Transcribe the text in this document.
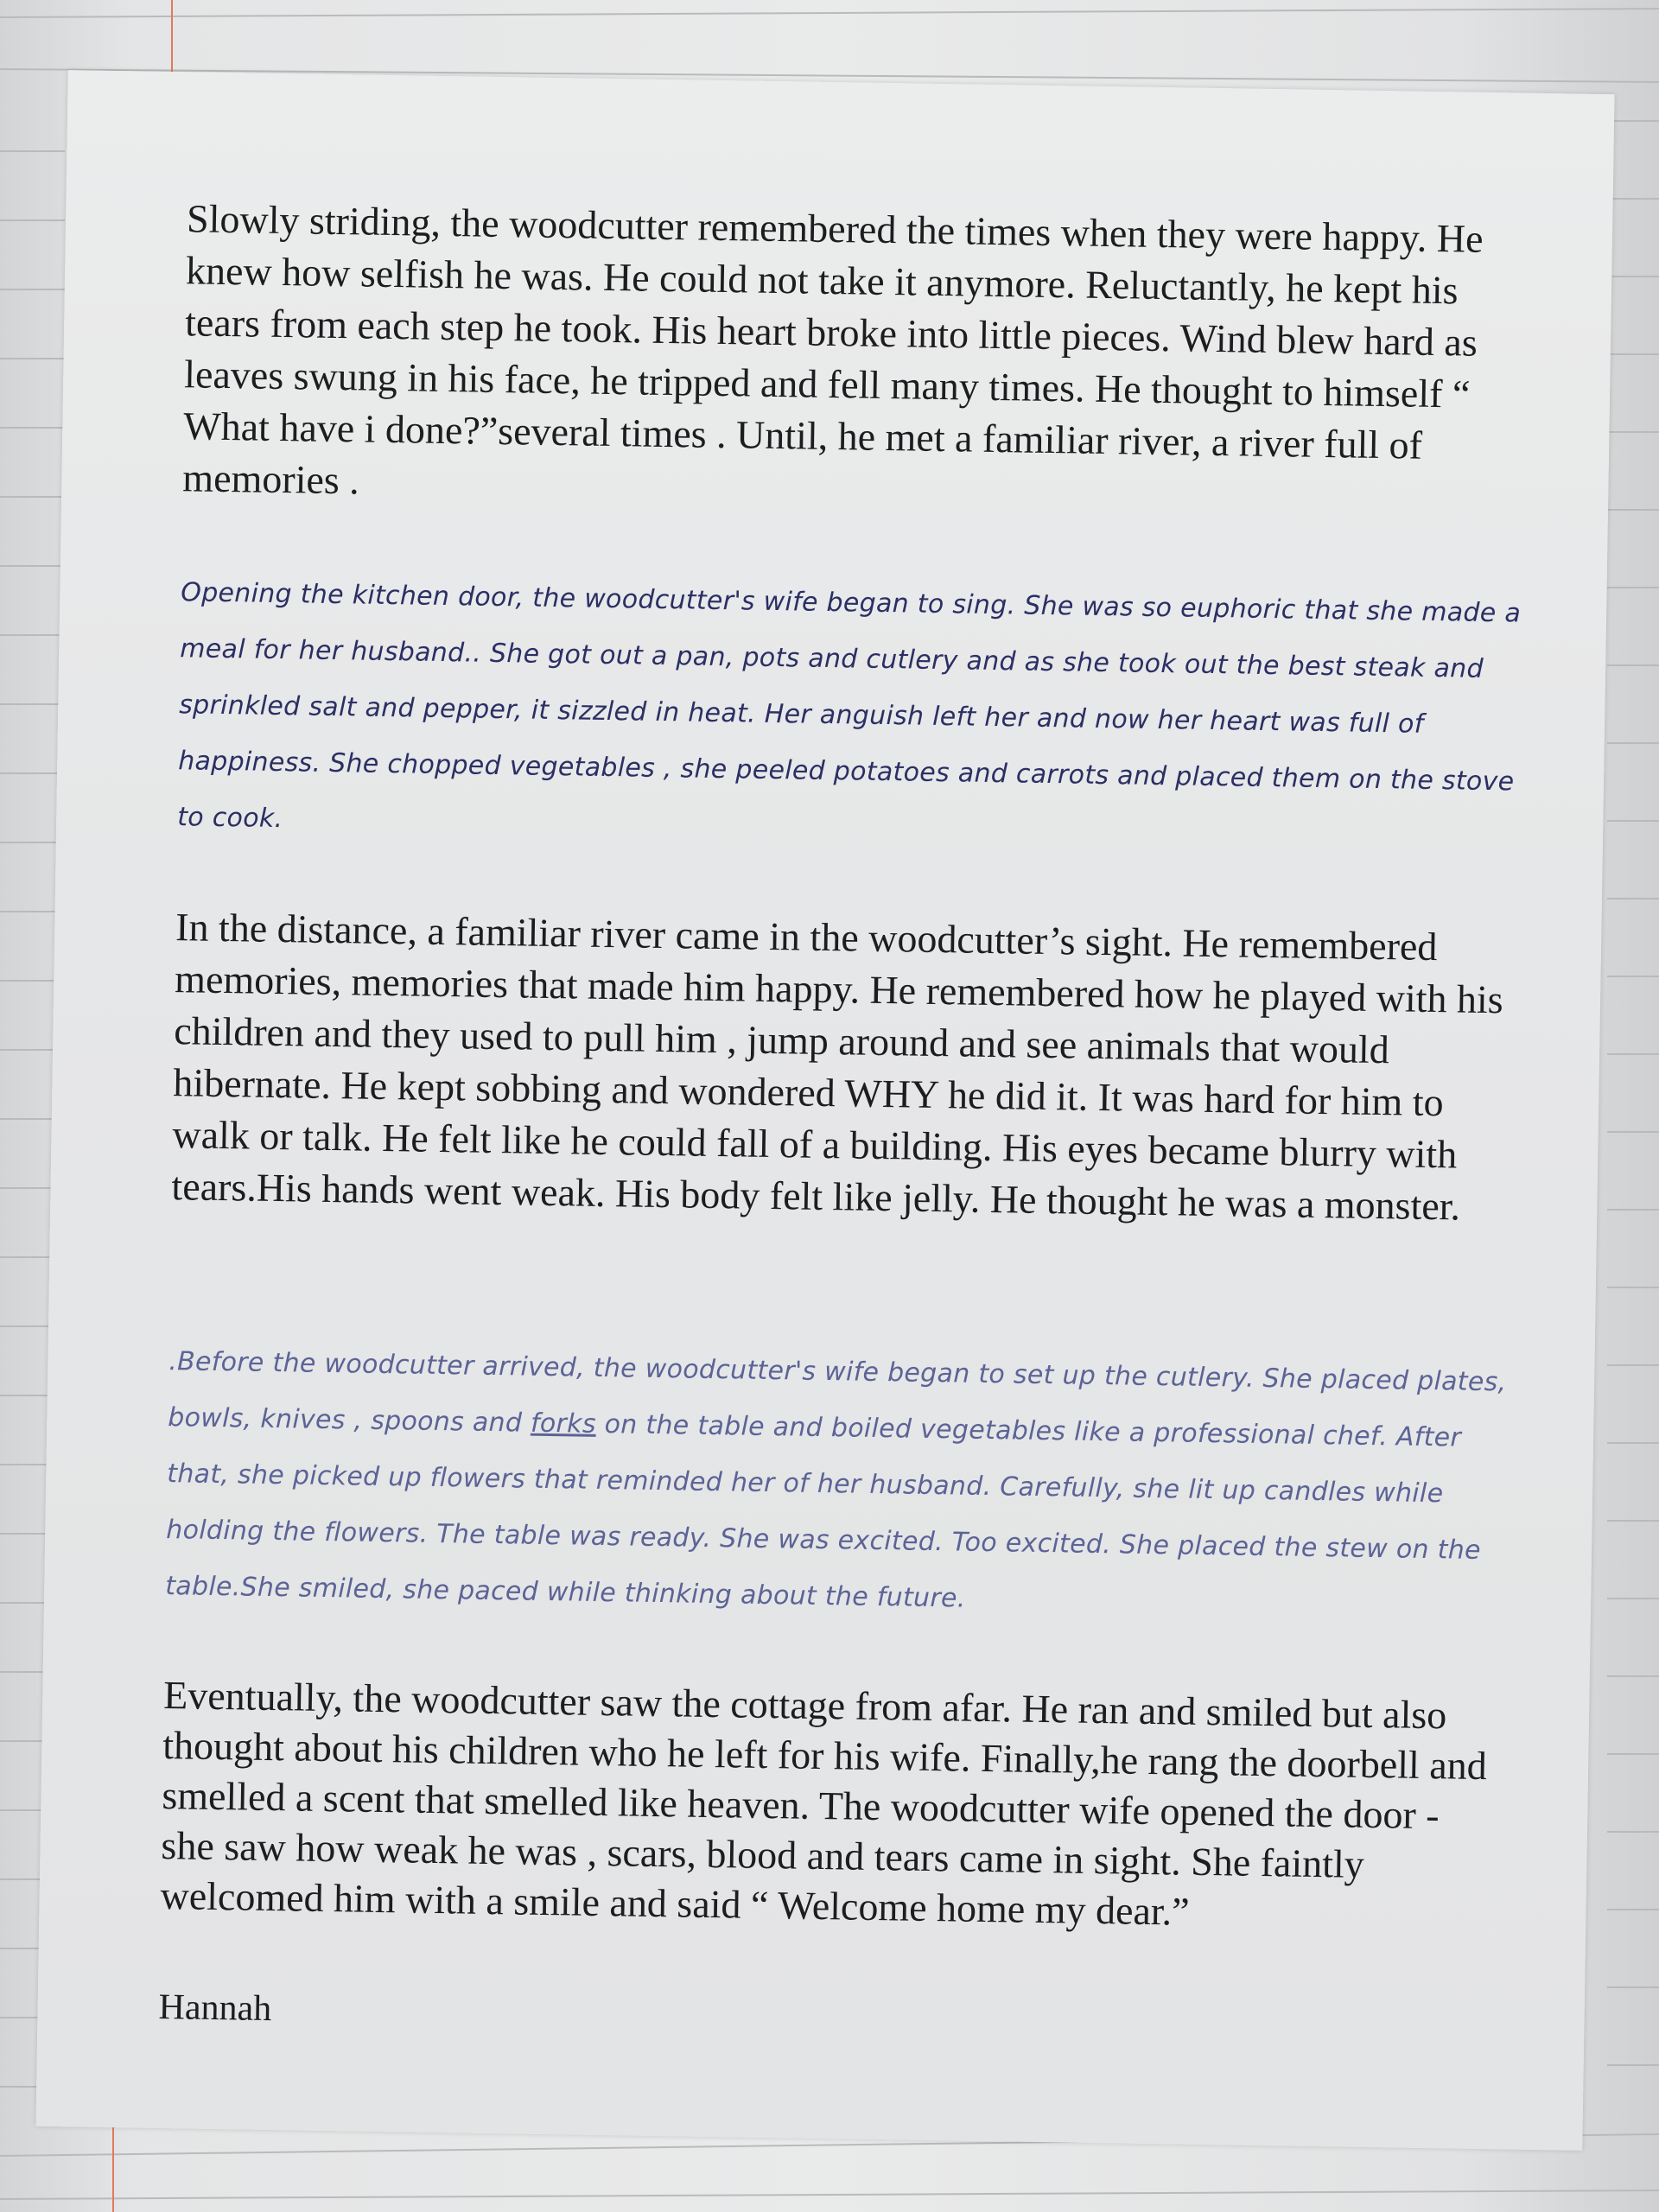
Slowly striding, the woodcutter remembered the times when they were happy. He knew how selfish he was. He could not take it anymore. Reluctantly, he kept his tears from each step he took. His heart broke into little pieces. Wind blew hard as leaves swung in his face, he tripped and fell many times. He thought to himself “ What have i done?”several times . Until, he met a familiar river, a river full of memories .
Opening the kitchen door, the woodcutter's wife began to sing. She was so euphoric that she made a meal for her husband.. She got out a pan, pots and cutlery and as she took out the best steak and sprinkled salt and pepper, it sizzled in heat. Her anguish left her and now her heart was full of happiness. She chopped vegetables , she peeled potatoes and carrots and placed them on the stove to cook.
In the distance, a familiar river came in the woodcutter’s sight. He remembered memories, memories that made him happy. He remembered how he played with his children and they used to pull him , jump around and see animals that would hibernate. He kept sobbing and wondered WHY he did it. It was hard for him to walk or talk. He felt like he could fall of a building. His eyes became blurry with tears.His hands went weak. His body felt like jelly. He thought he was a monster.
.Before the woodcutter arrived, the woodcutter's wife began to set up the cutlery. She placed plates, bowls, knives , spoons and forks on the table and boiled vegetables like a professional chef. After that, she picked up flowers that reminded her of her husband. Carefully, she lit up candles while holding the flowers. The table was ready. She was excited. Too excited. She placed the stew on the table.She smiled, she paced while thinking about the future.
Eventually, the woodcutter saw the cottage from afar. He ran and smiled but also thought about his children who he left for his wife. Finally,he rang the doorbell and smelled a scent that smelled like heaven. The woodcutter wife opened the door - she saw how weak he was , scars, blood and tears came in sight. She faintly welcomed him with a smile and said “ Welcome home my dear.”
Hannah
